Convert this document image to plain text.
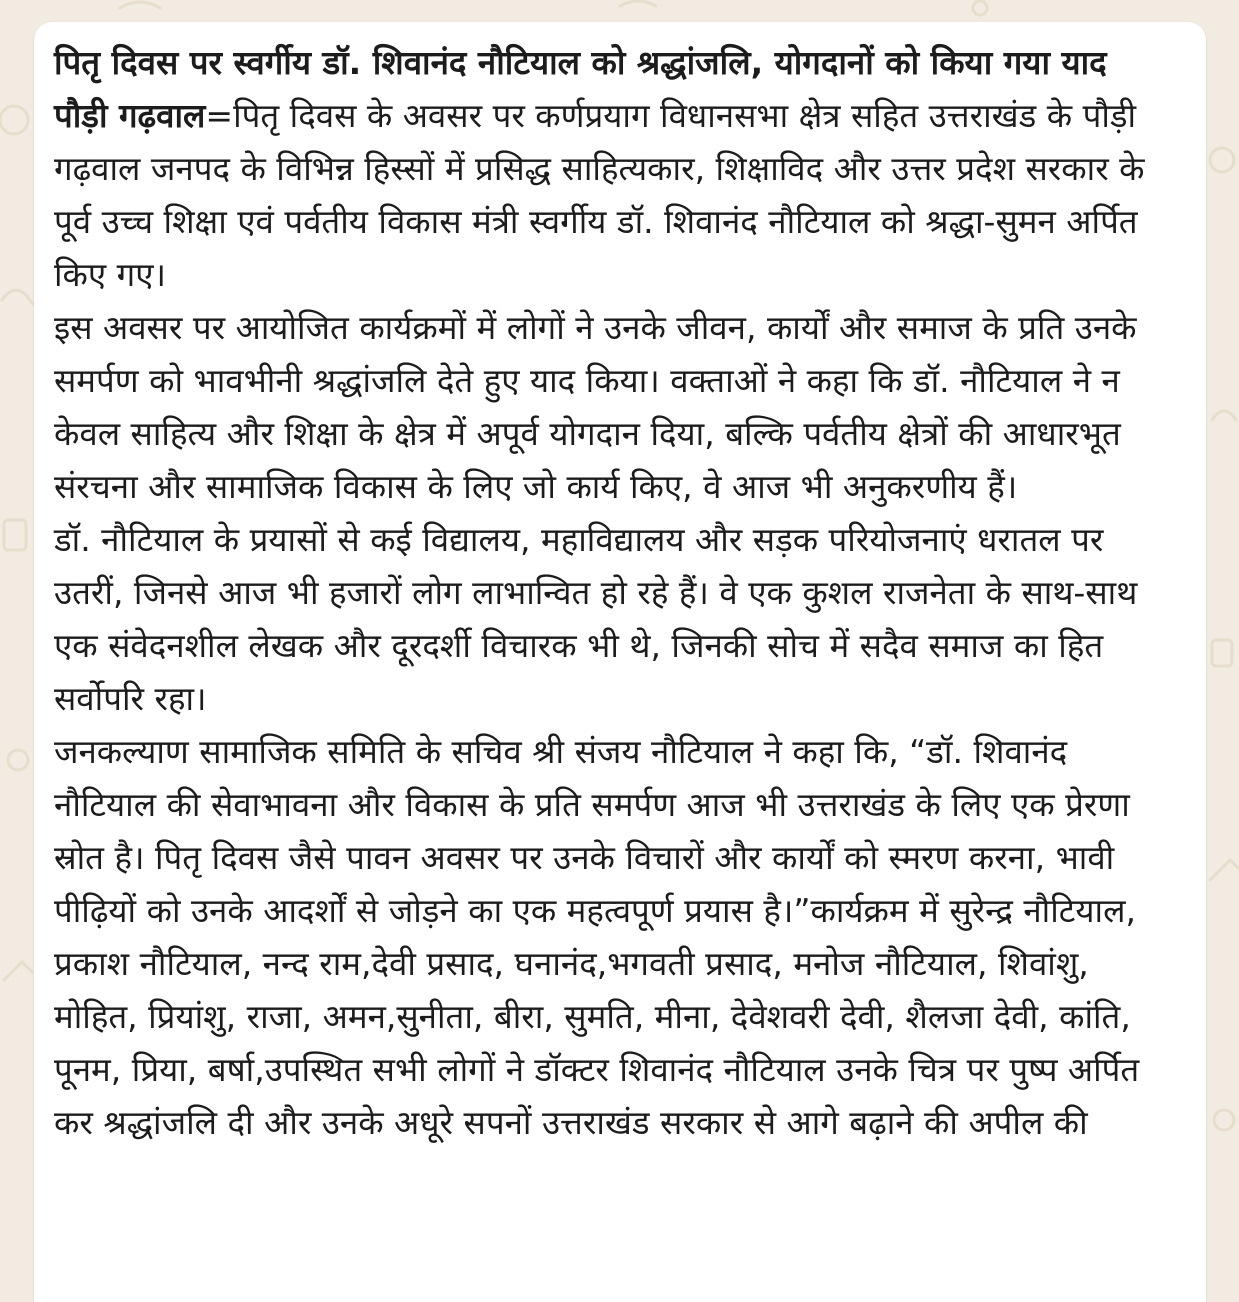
पितृ दिवस पर स्वर्गीय डॉ. शिवानंद नौटियाल को श्रद्धांजलि, योगदानों को किया गया याद
पौड़ी गढ़वाल=पितृ दिवस के अवसर पर कर्णप्रयाग विधानसभा क्षेत्र सहित उत्तराखंड के पौड़ी गढ़वाल जनपद के विभिन्न हिस्सों में प्रसिद्ध साहित्यकार, शिक्षाविद और उत्तर प्रदेश सरकार के पूर्व उच्च शिक्षा एवं पर्वतीय विकास मंत्री स्वर्गीय डॉ. शिवानंद नौटियाल को श्रद्धा-सुमन अर्पित किए गए।
इस अवसर पर आयोजित कार्यक्रमों में लोगों ने उनके जीवन, कार्यों और समाज के प्रति उनके समर्पण को भावभीनी श्रद्धांजलि देते हुए याद किया। वक्ताओं ने कहा कि डॉ. नौटियाल ने न केवल साहित्य और शिक्षा के क्षेत्र में अपूर्व योगदान दिया, बल्कि पर्वतीय क्षेत्रों की आधारभूत संरचना और सामाजिक विकास के लिए जो कार्य किए, वे आज भी अनुकरणीय हैं।
डॉ. नौटियाल के प्रयासों से कई विद्यालय, महाविद्यालय और सड़क परियोजनाएं धरातल पर उतरीं, जिनसे आज भी हजारों लोग लाभान्वित हो रहे हैं। वे एक कुशल राजनेता के साथ-साथ एक संवेदनशील लेखक और दूरदर्शी विचारक भी थे, जिनकी सोच में सदैव समाज का हित सर्वोपरि रहा।
जनकल्याण सामाजिक समिति के सचिव श्री संजय नौटियाल ने कहा कि, “डॉ. शिवानंद नौटियाल की सेवाभावना और विकास के प्रति समर्पण आज भी उत्तराखंड के लिए एक प्रेरणा स्रोत है। पितृ दिवस जैसे पावन अवसर पर उनके विचारों और कार्यों को स्मरण करना, भावी पीढ़ियों को उनके आदर्शों से जोड़ने का एक महत्वपूर्ण प्रयास है।”कार्यक्रम में सुरेन्द्र नौटियाल, प्रकाश नौटियाल, नन्द राम,देवी प्रसाद, घनानंद,भगवती प्रसाद, मनोज नौटियाल, शिवांशु, मोहित, प्रियांशु, राजा, अमन,सुनीता, बीरा, सुमति, मीना, देवेशवरी देवी, शैलजा देवी, कांति, पूनम, प्रिया, बर्षा,उपस्थित सभी लोगों ने डॉक्टर शिवानंद नौटियाल उनके चित्र पर पुष्प अर्पित कर श्रद्धांजलि दी और उनके अधूरे सपनों उत्तराखंड सरकार से आगे बढ़ाने की अपील की
